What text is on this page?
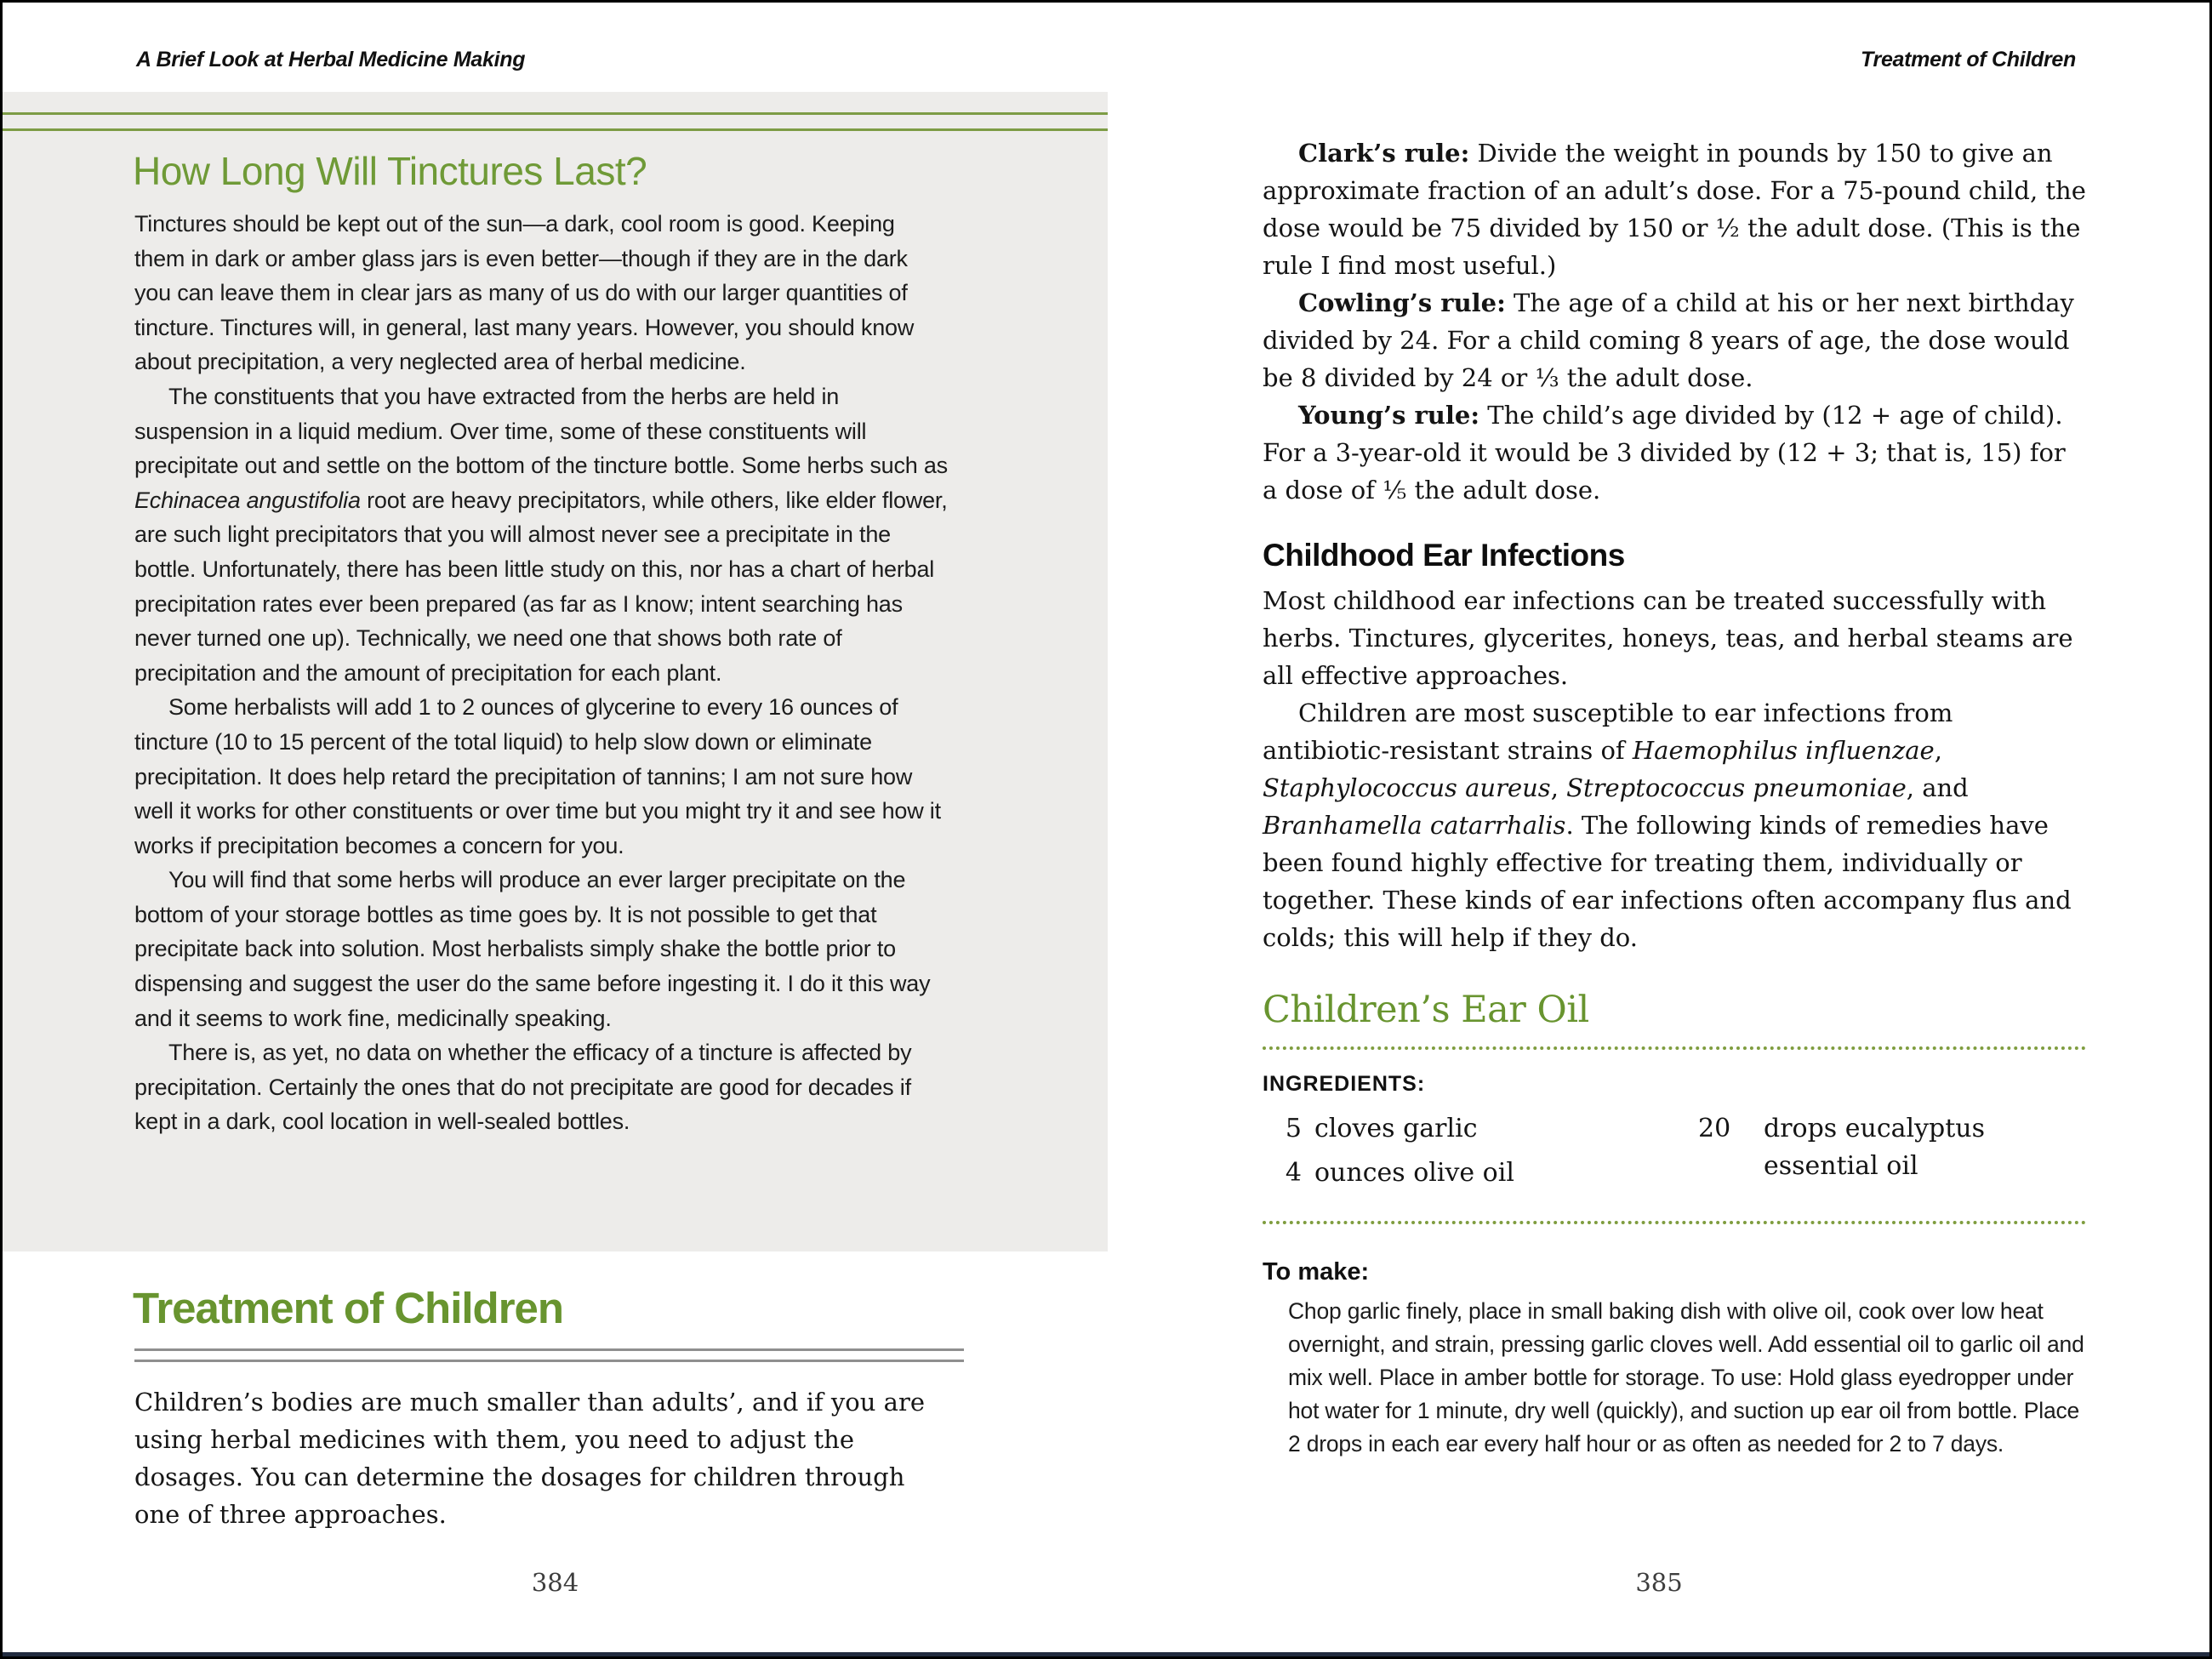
A Brief Look at Herbal Medicine Making	Treatment of Children
How Long Will Tinctures Last?

Tinctures should be kept out of the sun—a dark, cool room is good. Keeping them in dark or amber glass jars is even better—though if they are in the dark you can leave them in clear jars as many of us do with our larger quantities of tincture. Tinctures will, in general, last many years. However, you should know about precipitation, a very neglected area of herbal medicine.

The constituents that you have extracted from the herbs are held in suspension in a liquid medium. Over time, some of these constituents will precipitate out and settle on the bottom of the tincture bottle. Some herbs such as Echinacea angustifolia root are heavy precipitators, while others, like elder flower, are such light precipitators that you will almost never see a precipitate in the bottle. Unfortunately, there has been little study on this, nor has a chart of herbal precipitation rates ever been prepared (as far as I know; intent searching has never turned one up). Technically, we need one that shows both rate of precipitation and the amount of precipitation for each plant.

Some herbalists will add 1 to 2 ounces of glycerine to every 16 ounces of tincture (10 to 15 percent of the total liquid) to help slow down or eliminate precipitation. It does help retard the precipitation of tannins; I am not sure how well it works for other constituents or over time but you might try it and see how it works if precipitation becomes a concern for you.

You will find that some herbs will produce an ever larger precipitate on the bottom of your storage bottles as time goes by. It is not possible to get that precipitate back into solution. Most herbalists simply shake the bottle prior to dispensing and suggest the user do the same before ingesting it. I do it this way and it seems to work fine, medicinally speaking.

There is, as yet, no data on whether the efficacy of a tincture is affected by precipitation. Certainly the ones that do not precipitate are good for decades if kept in a dark, cool location in well-sealed bottles.

Treatment of Children

Children’s bodies are much smaller than adults’, and if you are using herbal medicines with them, you need to adjust the dosages. You can determine the dosages for children through one of three approaches.

384

Clark’s rule: Divide the weight in pounds by 150 to give an approximate fraction of an adult’s dose. For a 75-pound child, the dose would be 75 divided by 150 or ½ the adult dose. (This is the rule I find most useful.)

Cowling’s rule: The age of a child at his or her next birthday divided by 24. For a child coming 8 years of age, the dose would be 8 divided by 24 or ⅓ the adult dose.

Young’s rule: The child’s age divided by (12 + age of child). For a 3-year-old it would be 3 divided by (12 + 3; that is, 15) for a dose of ⅕ the adult dose.

Childhood Ear Infections

Most childhood ear infections can be treated successfully with herbs. Tinctures, glycerites, honeys, teas, and herbal steams are all effective approaches.

Children are most susceptible to ear infections from antibiotic-resistant strains of Haemophilus influenzae, Staphylococcus aureus, Streptococcus pneumoniae, and Branhamella catarrhalis. The following kinds of remedies have been found highly effective for treating them, individually or together. These kinds of ear infections often accompany flus and colds; this will help if they do.

Children’s Ear Oil

INGREDIENTS:

5 cloves garlic
4 ounces olive oil
20	drops eucalyptus essential oil

To make:

Chop garlic finely, place in small baking dish with olive oil, cook over low heat overnight, and strain, pressing garlic cloves well. Add essential oil to garlic oil and mix well. Place in amber bottle for storage. To use: Hold glass eyedropper under hot water for 1 minute, dry well (quickly), and suction up ear oil from bottle. Place 2 drops in each ear every half hour or as often as needed for 2 to 7 days.

385
